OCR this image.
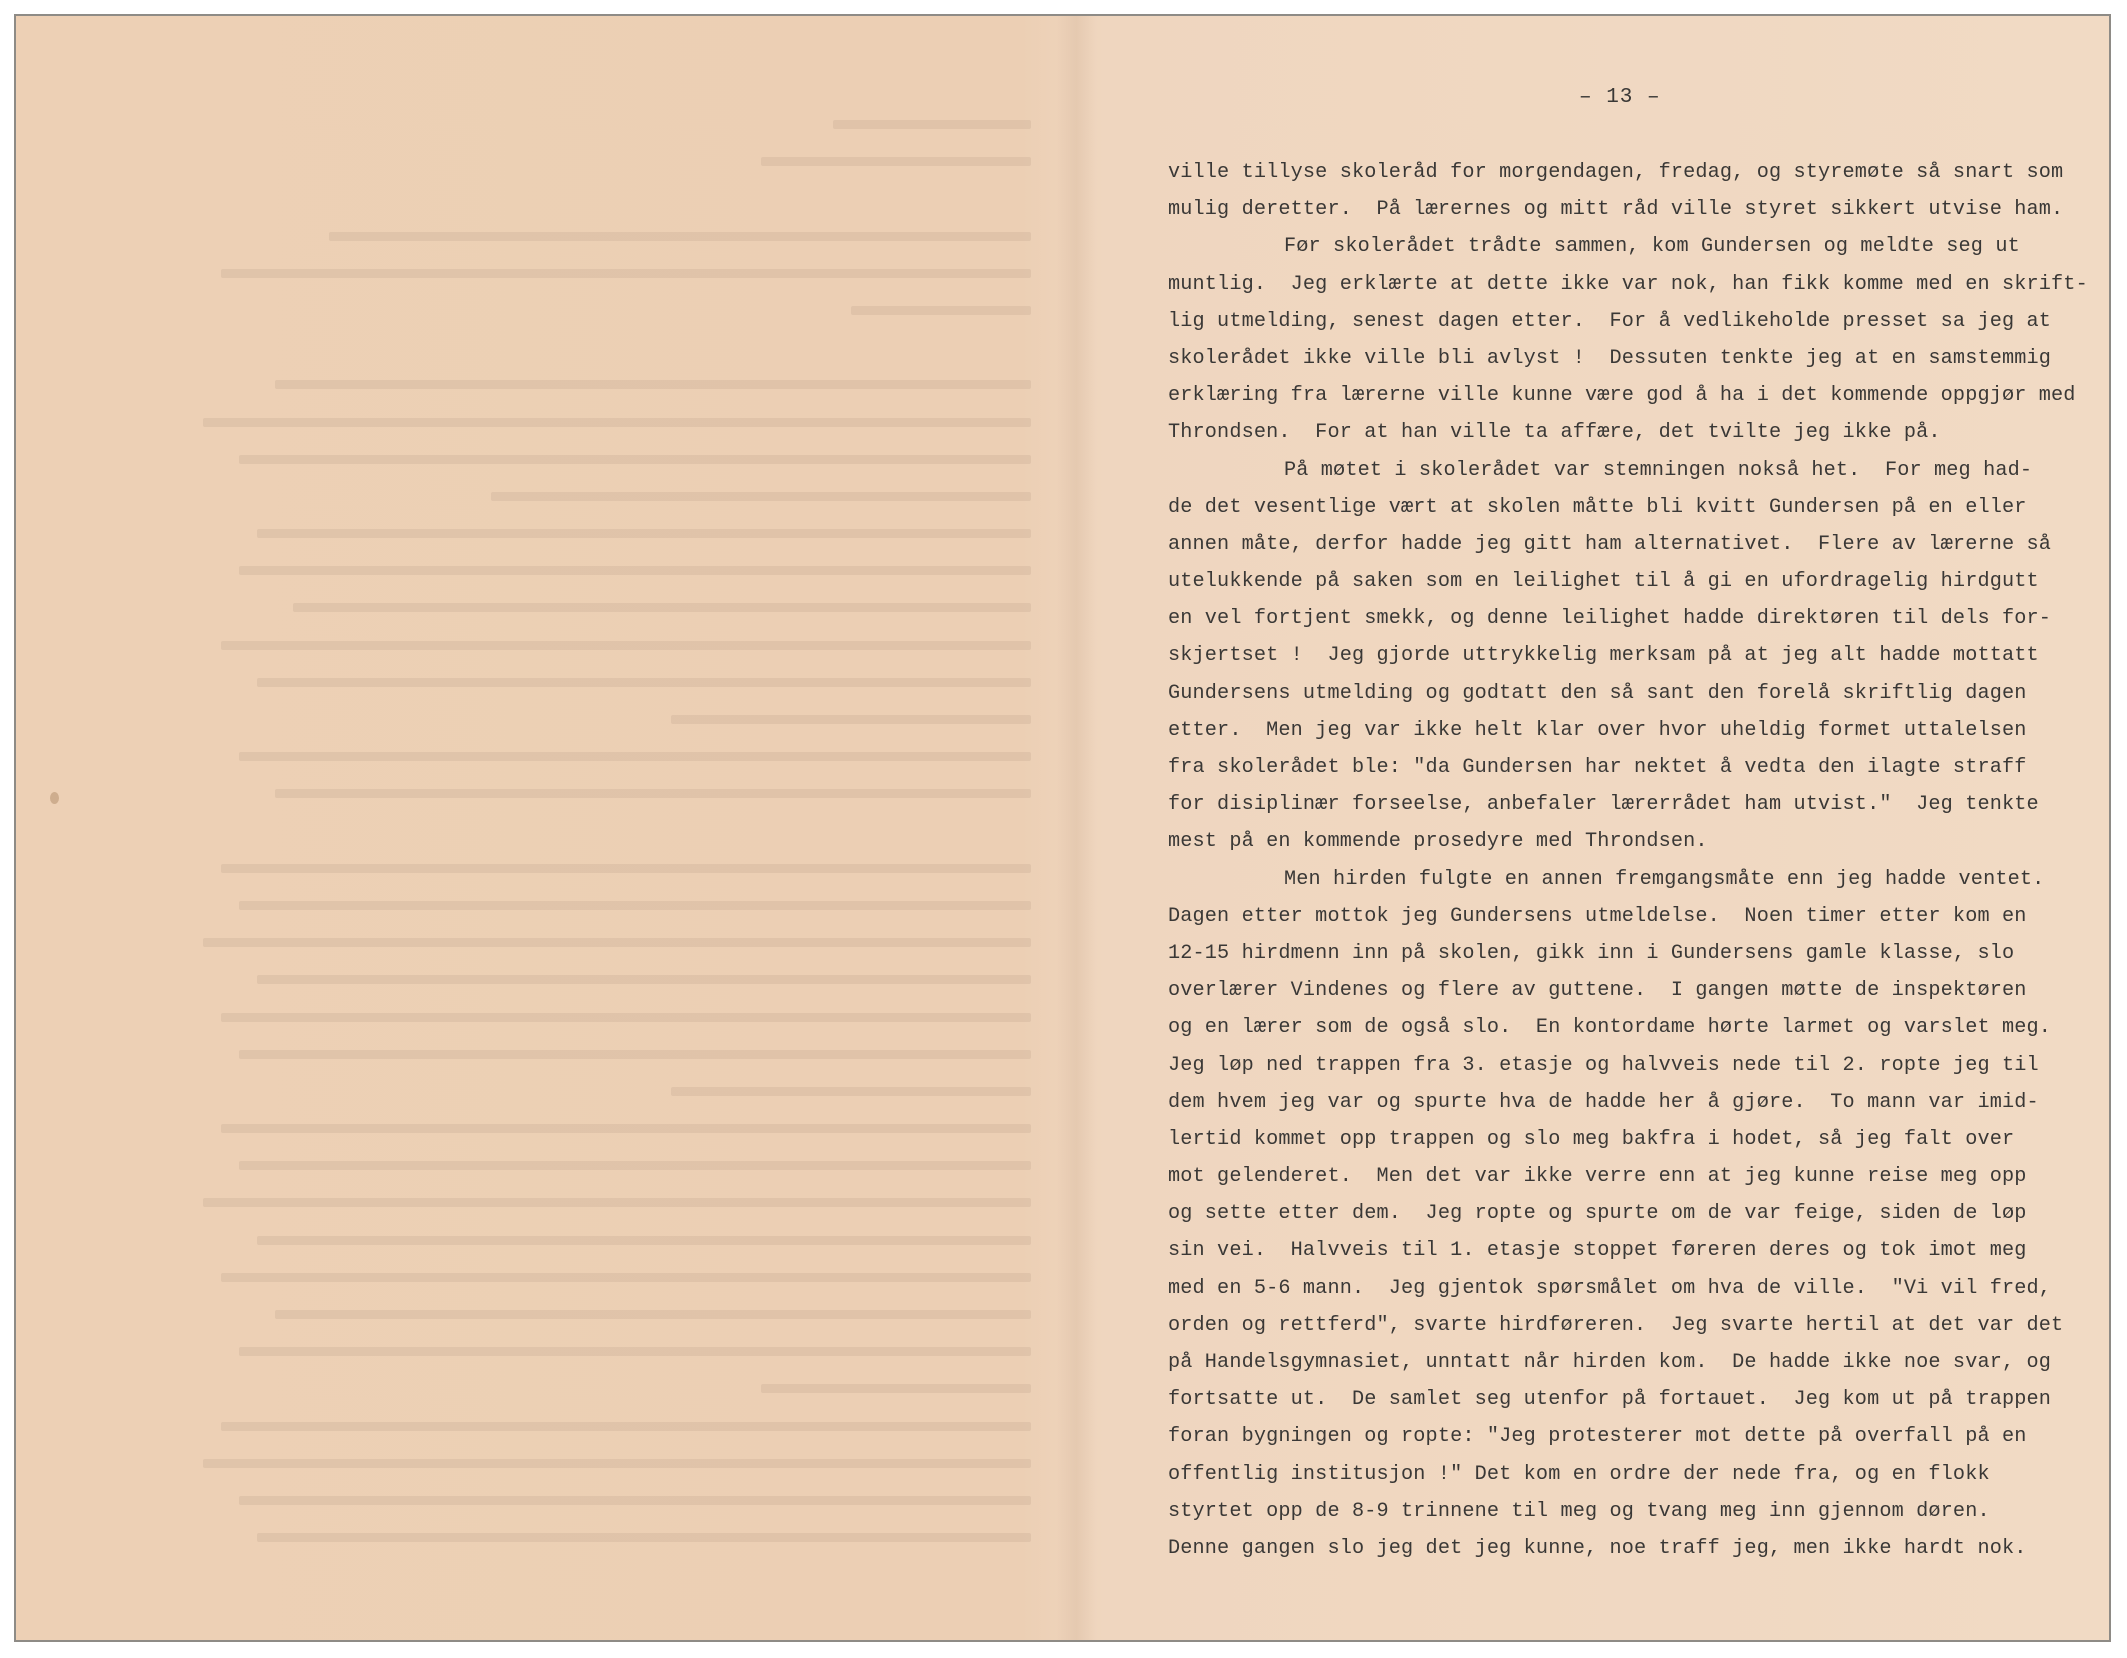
– 13 –
ville tillyse skoleråd for morgendagen, fredag, og styremøte så snart som
mulig deretter.  På lærernes og mitt råd ville styret sikkert utvise ham.
Før skolerådet trådte sammen, kom Gundersen og meldte seg ut
muntlig.  Jeg erklærte at dette ikke var nok, han fikk komme med en skrift-
lig utmelding, senest dagen etter.  For å vedlikeholde presset sa jeg at
skolerådet ikke ville bli avlyst !  Dessuten tenkte jeg at en samstemmig
erklæring fra lærerne ville kunne være god å ha i det kommende oppgjør med
Throndsen.  For at han ville ta affære, det tvilte jeg ikke på.
På møtet i skolerådet var stemningen nokså het.  For meg had-
de det vesentlige vært at skolen måtte bli kvitt Gundersen på en eller
annen måte, derfor hadde jeg gitt ham alternativet.  Flere av lærerne så
utelukkende på saken som en leilighet til å gi en ufordragelig hirdgutt
en vel fortjent smekk, og denne leilighet hadde direktøren til dels for-
skjertset !  Jeg gjorde uttrykkelig merksam på at jeg alt hadde mottatt
Gundersens utmelding og godtatt den så sant den forelå skriftlig dagen
etter.  Men jeg var ikke helt klar over hvor uheldig formet uttalelsen
fra skolerådet ble: "da Gundersen har nektet å vedta den ilagte straff
for disiplinær forseelse, anbefaler lærerrådet ham utvist."  Jeg tenkte
mest på en kommende prosedyre med Throndsen.
Men hirden fulgte en annen fremgangsmåte enn jeg hadde ventet.
Dagen etter mottok jeg Gundersens utmeldelse.  Noen timer etter kom en
12-15 hirdmenn inn på skolen, gikk inn i Gundersens gamle klasse, slo
overlærer Vindenes og flere av guttene.  I gangen møtte de inspektøren
og en lærer som de også slo.  En kontordame hørte larmet og varslet meg.
Jeg løp ned trappen fra 3. etasje og halvveis nede til 2. ropte jeg til
dem hvem jeg var og spurte hva de hadde her å gjøre.  To mann var imid-
lertid kommet opp trappen og slo meg bakfra i hodet, så jeg falt over
mot gelenderet.  Men det var ikke verre enn at jeg kunne reise meg opp
og sette etter dem.  Jeg ropte og spurte om de var feige, siden de løp
sin vei.  Halvveis til 1. etasje stoppet føreren deres og tok imot meg
med en 5-6 mann.  Jeg gjentok spørsmålet om hva de ville.  "Vi vil fred,
orden og rettferd", svarte hirdføreren.  Jeg svarte hertil at det var det
på Handelsgymnasiet, unntatt når hirden kom.  De hadde ikke noe svar, og
fortsatte ut.  De samlet seg utenfor på fortauet.  Jeg kom ut på trappen
foran bygningen og ropte: "Jeg protesterer mot dette på overfall på en
offentlig institusjon !" Det kom en ordre der nede fra, og en flokk
styrtet opp de 8-9 trinnene til meg og tvang meg inn gjennom døren.
Denne gangen slo jeg det jeg kunne, noe traff jeg, men ikke hardt nok.
